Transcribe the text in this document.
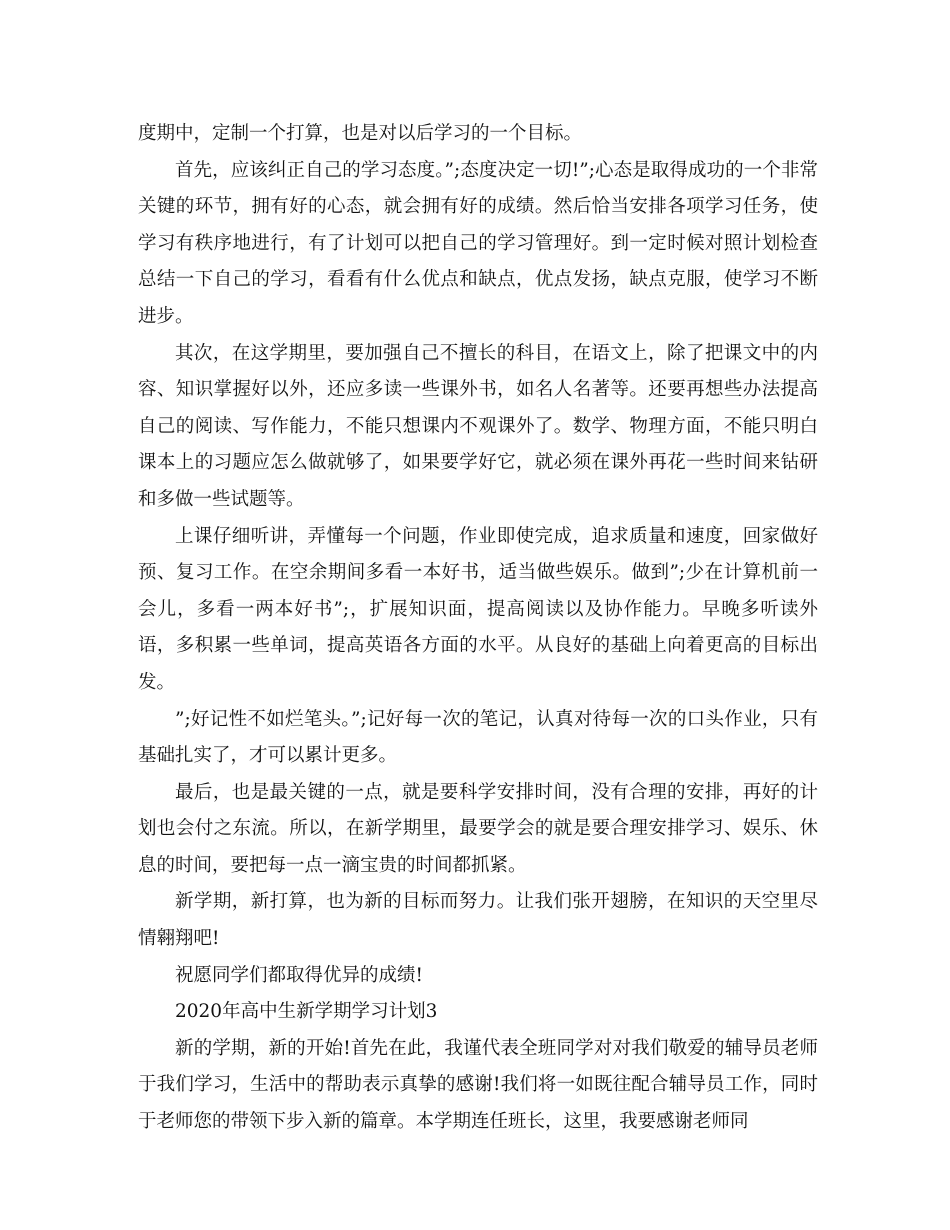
度期中，定制一个打算，也是对以后学习的一个目标。

首先，应该纠正自己的学习态度。”;态度决定一切!”;心态是取得成功的一个非常关键的环节，拥有好的心态，就会拥有好的成绩。然后恰当安排各项学习任务，使学习有秩序地进行，有了计划可以把自己的学习管理好。到一定时候对照计划检查总结一下自己的学习，看看有什么优点和缺点，优点发扬，缺点克服，使学习不断进步。

其次，在这学期里，要加强自己不擅长的科目，在语文上，除了把课文中的内容、知识掌握好以外，还应多读一些课外书，如名人名著等。还要再想些办法提高自己的阅读、写作能力，不能只想课内不观课外了。数学、物理方面，不能只明白课本上的习题应怎么做就够了，如果要学好它，就必须在课外再花一些时间来钻研和多做一些试题等。

上课仔细听讲，弄懂每一个问题，作业即使完成，追求质量和速度，回家做好预、复习工作。在空余期间多看一本好书，适当做些娱乐。做到”;少在计算机前一会儿，多看一两本好书”;，扩展知识面，提高阅读以及协作能力。早晚多听读外语，多积累一些单词，提高英语各方面的水平。从良好的基础上向着更高的目标出发。

”;好记性不如烂笔头。”;记好每一次的笔记，认真对待每一次的口头作业，只有基础扎实了，才可以累计更多。

最后，也是最关键的一点，就是要科学安排时间，没有合理的安排，再好的计划也会付之东流。所以，在新学期里，最要学会的就是要合理安排学习、娱乐、休息的时间，要把每一点一滴宝贵的时间都抓紧。

新学期，新打算，也为新的目标而努力。让我们张开翅膀，在知识的天空里尽情翱翔吧!

祝愿同学们都取得优异的成绩!

2020年高中生新学期学习计划3

新的学期，新的开始!首先在此，我谨代表全班同学对对我们敬爱的辅导员老师于我们学习，生活中的帮助表示真挚的感谢!我们将一如既往配合辅导员工作，同时 于老师您的带领下步入新的篇章。本学期连任班长，这里，我要感谢老师同
